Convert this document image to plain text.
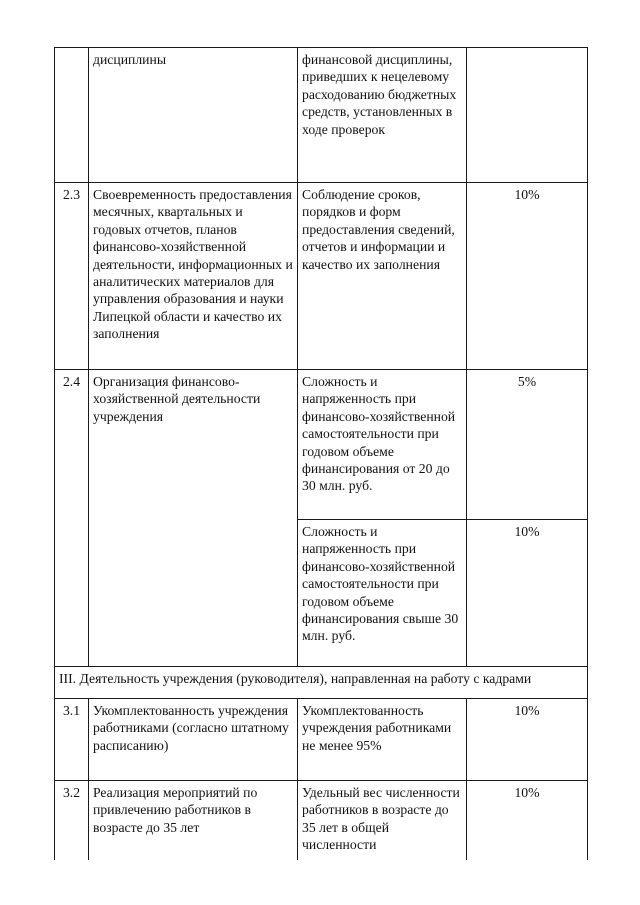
	дисциплины	финансовой дисциплины, приведших к нецелевому расходованию бюджетных средств, установленных в ходе проверок	
2.3	Своевременность предоставления месячных, квартальных и годовых отчетов, планов финансово-хозяйственной деятельности, информационных и аналитических материалов для управления образования и науки Липецкой области и качество их заполнения	Соблюдение сроков, порядков и форм предоставления сведений, отчетов и информации и качество их заполнения	10%
2.4	Организация финансово-хозяйственной деятельности учреждения	Сложность и напряженность при финансово-хозяйственной самостоятельности при годовом объеме финансирования от 20 до 30 млн. руб.	5%
		Сложность и напряженность при финансово-хозяйственной самостоятельности при годовом объеме финансирования свыше 30 млн. руб.	10%
III. Деятельность учреждения (руководителя), направленная на работу с кадрами			
3.1	Укомплектованность учреждения работниками (согласно штатному расписанию)	Укомплектованность учреждения работниками не менее 95%	10%
3.2	Реализация мероприятий по привлечению работников в возрасте до 35 лет	Удельный вес численности работников в возрасте до 35 лет в общей численности	10%
